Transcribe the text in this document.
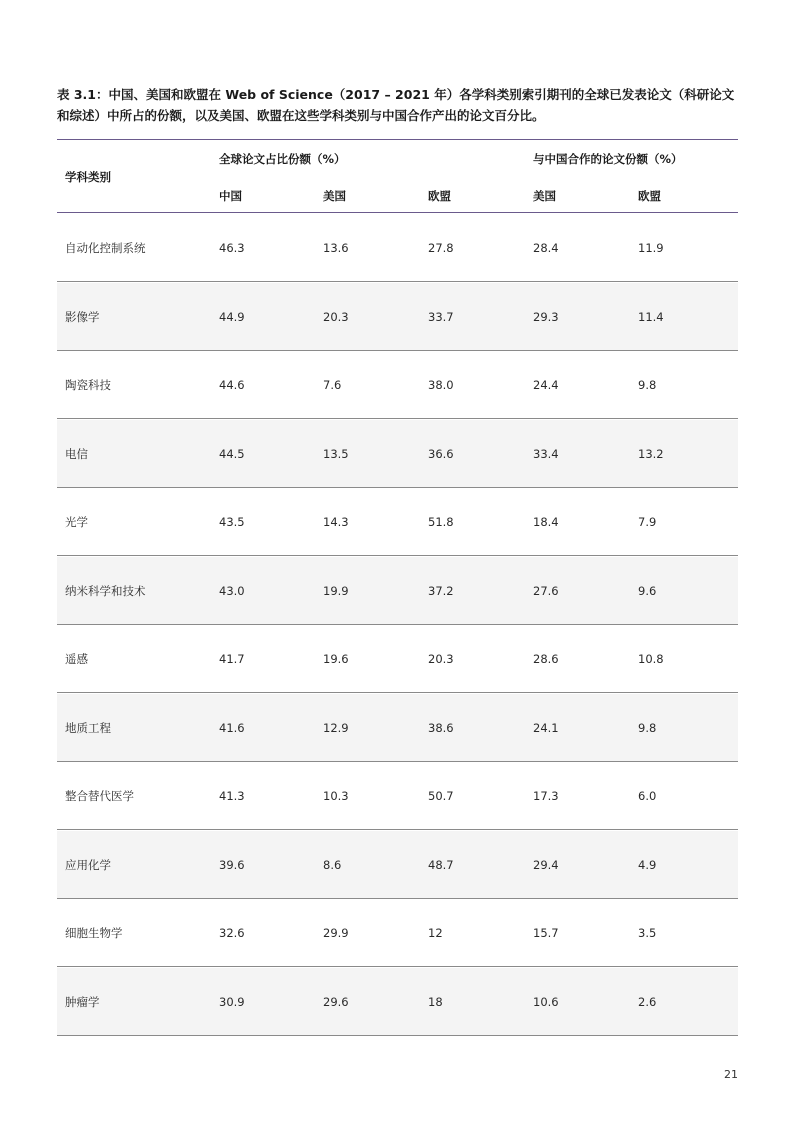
表 3.1：中国、美国和欧盟在 Web of Science（2017 – 2021 年）各学科类别索引期刊的全球已发表论文（科研论文和综述）中所占的份额，以及美国、欧盟在这些学科类别与中国合作产出的论文百分比。
学科类别
全球论文占比份额（%）	与中国合作的论文份额（%）
中国	美国	欧盟	美国	欧盟
自动化控制系统	46.3	13.6	27.8	28.4	11.9
影像学	44.9	20.3	33.7	29.3	11.4
陶瓷科技	44.6	7.6	38.0	24.4	9.8
电信	44.5	13.5	36.6	33.4	13.2
光学	43.5	14.3	51.8	18.4	7.9
纳米科学和技术	43.0	19.9	37.2	27.6	9.6
遥感	41.7	19.6	20.3	28.6	10.8
地质工程	41.6	12.9	38.6	24.1	9.8
整合替代医学	41.3	10.3	50.7	17.3	6.0
应用化学	39.6	8.6	48.7	29.4	4.9
细胞生物学	32.6	29.9	12	15.7	3.5
肿瘤学	30.9	29.6	18	10.6	2.6
21
